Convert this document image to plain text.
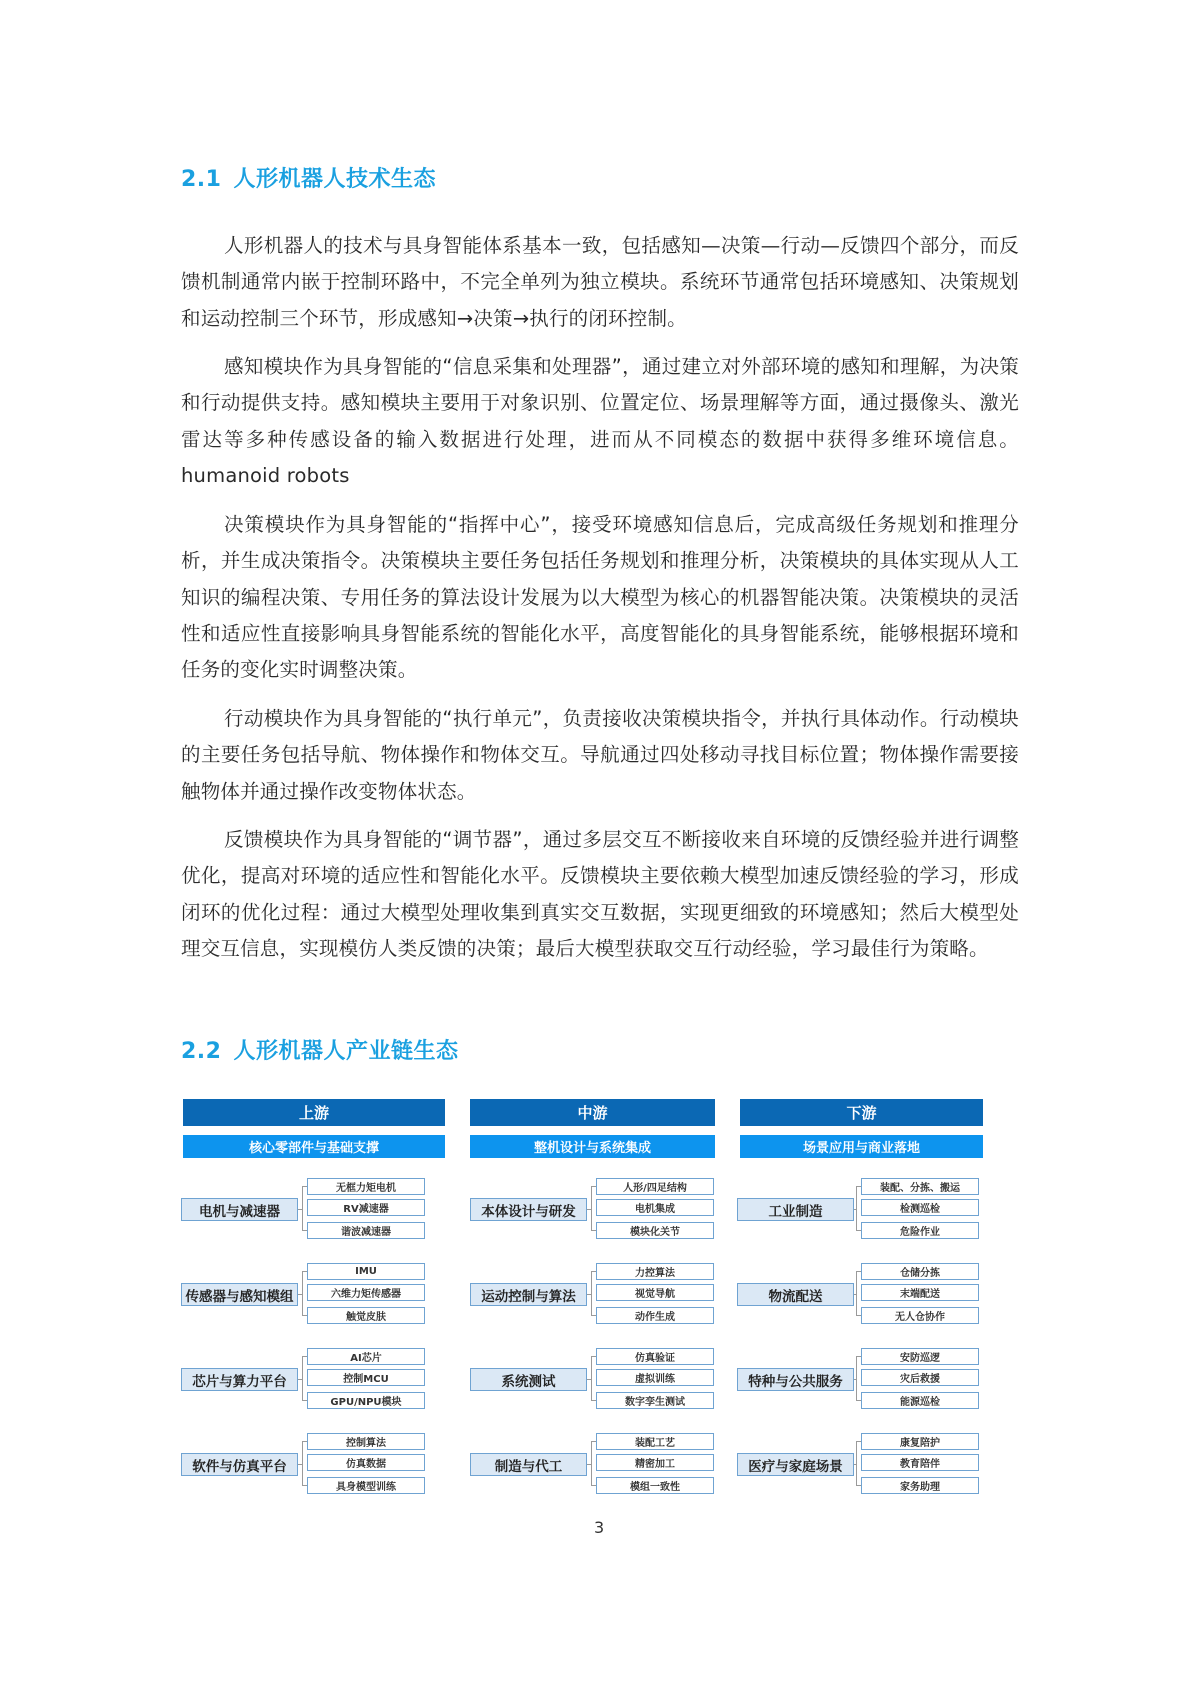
2.1 人形机器人技术生态

人形机器人的技术与具身智能体系基本一致，包括感知—决策—行动—反馈四个部分，而反馈机制通常内嵌于控制环路中，不完全单列为独立模块。系统环节通常包括环境感知、决策规划和运动控制三个环节，形成感知→决策→执行的闭环控制。

感知模块作为具身智能的“信息采集和处理器”，通过建立对外部环境的感知和理解，为决策和行动提供支持。感知模块主要用于对象识别、位置定位、场景理解等方面，通过摄像头、激光雷达等多种传感设备的输入数据进行处理，进而从不同模态的数据中获得多维环境信息。humanoid robots

决策模块作为具身智能的“指挥中心”，接受环境感知信息后，完成高级任务规划和推理分析，并生成决策指令。决策模块主要任务包括任务规划和推理分析，决策模块的具体实现从人工知识的编程决策、专用任务的算法设计发展为以大模型为核心的机器智能决策。决策模块的灵活性和适应性直接影响具身智能系统的智能化水平，高度智能化的具身智能系统，能够根据环境和任务的变化实时调整决策。

行动模块作为具身智能的“执行单元”，负责接收决策模块指令，并执行具体动作。行动模块的主要任务包括导航、物体操作和物体交互。导航通过四处移动寻找目标位置；物体操作需要接触物体并通过操作改变物体状态。

反馈模块作为具身智能的“调节器”，通过多层交互不断接收来自环境的反馈经验并进行调整优化，提高对环境的适应性和智能化水平。反馈模块主要依赖大模型加速反馈经验的学习，形成闭环的优化过程：通过大模型处理收集到真实交互数据，实现更细致的环境感知；然后大模型处理交互信息，实现模仿人类反馈的决策；最后大模型获取交互行动经验，学习最佳行为策略。

2.2 人形机器人产业链生态
上游
核心零部件与基础支撑
电机与减速器
无框力矩电机
RV减速器
谐波减速器
传感器与感知模组
IMU
六维力矩传感器
触觉皮肤
芯片与算力平台
AI芯片
控制MCU
GPU/NPU模块
软件与仿真平台
控制算法
仿真数据
具身模型训练
中游
整机设计与系统集成
本体设计与研发
人形/四足结构
电机集成
模块化关节
运动控制与算法
力控算法
视觉导航
动作生成
系统测试
仿真验证
虚拟训练
数字孪生测试
制造与代工
装配工艺
精密加工
模组一致性
下游
场景应用与商业落地
工业制造
装配、分拣、搬运
检测巡检
危险作业
物流配送
仓储分拣
末端配送
无人仓协作
特种与公共服务
安防巡逻
灾后救援
能源巡检
医疗与家庭场景
康复陪护
教育陪伴
家务助理
3
